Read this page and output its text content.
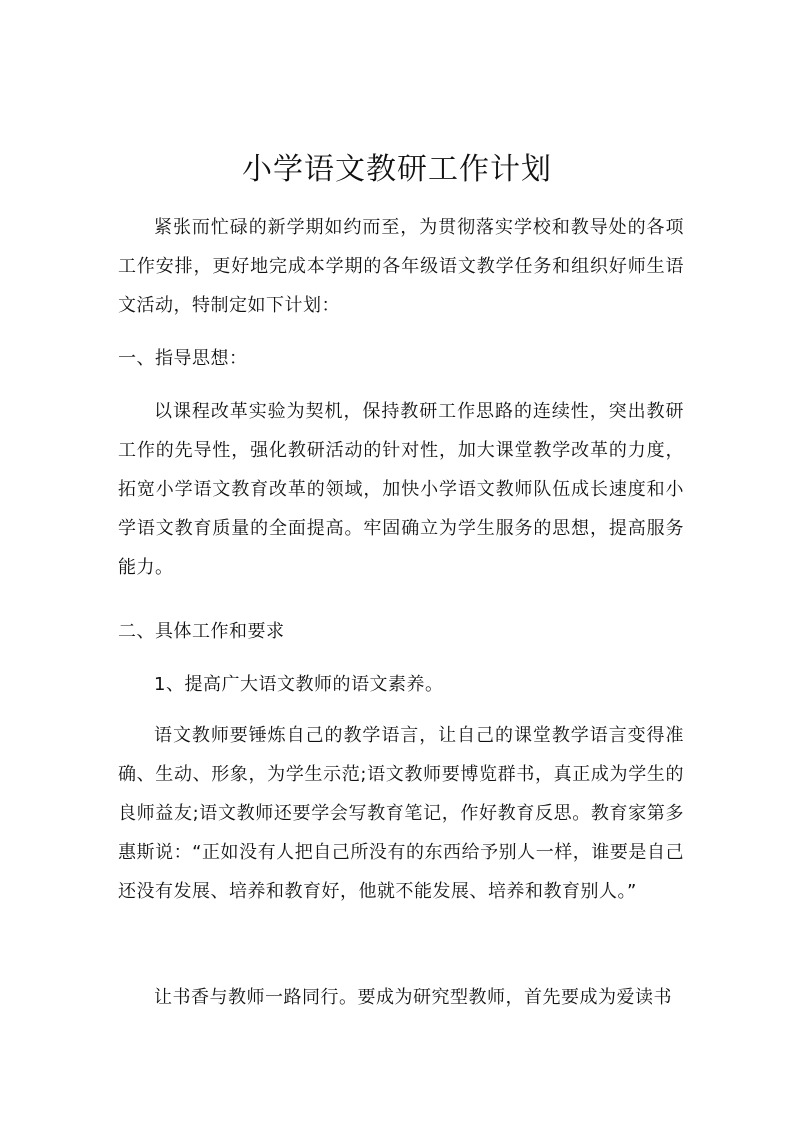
小学语文教研工作计划
紧张而忙碌的新学期如约而至，为贯彻落实学校和教导处的各项工作安排，更好地完成本学期的各年级语文教学任务和组织好师生语文活动，特制定如下计划：
一、指导思想：
以课程改革实验为契机，保持教研工作思路的连续性，突出教研工作的先导性，强化教研活动的针对性，加大课堂教学改革的力度，拓宽小学语文教育改革的领域，加快小学语文教师队伍成长速度和小学语文教育质量的全面提高。牢固确立为学生服务的思想，提高服务能力。
二、具体工作和要求
1、提高广大语文教师的语文素养。
语文教师要锤炼自己的教学语言，让自己的课堂教学语言变得准确、生动、形象，为学生示范;语文教师要博览群书，真正成为学生的良师益友;语文教师还要学会写教育笔记，作好教育反思。教育家第多惠斯说：“正如没有人把自己所没有的东西给予别人一样，谁要是自己还没有发展、培养和教育好，他就不能发展、培养和教育别人。”
让书香与教师一路同行。要成为研究型教师，首先要成为爱读书
